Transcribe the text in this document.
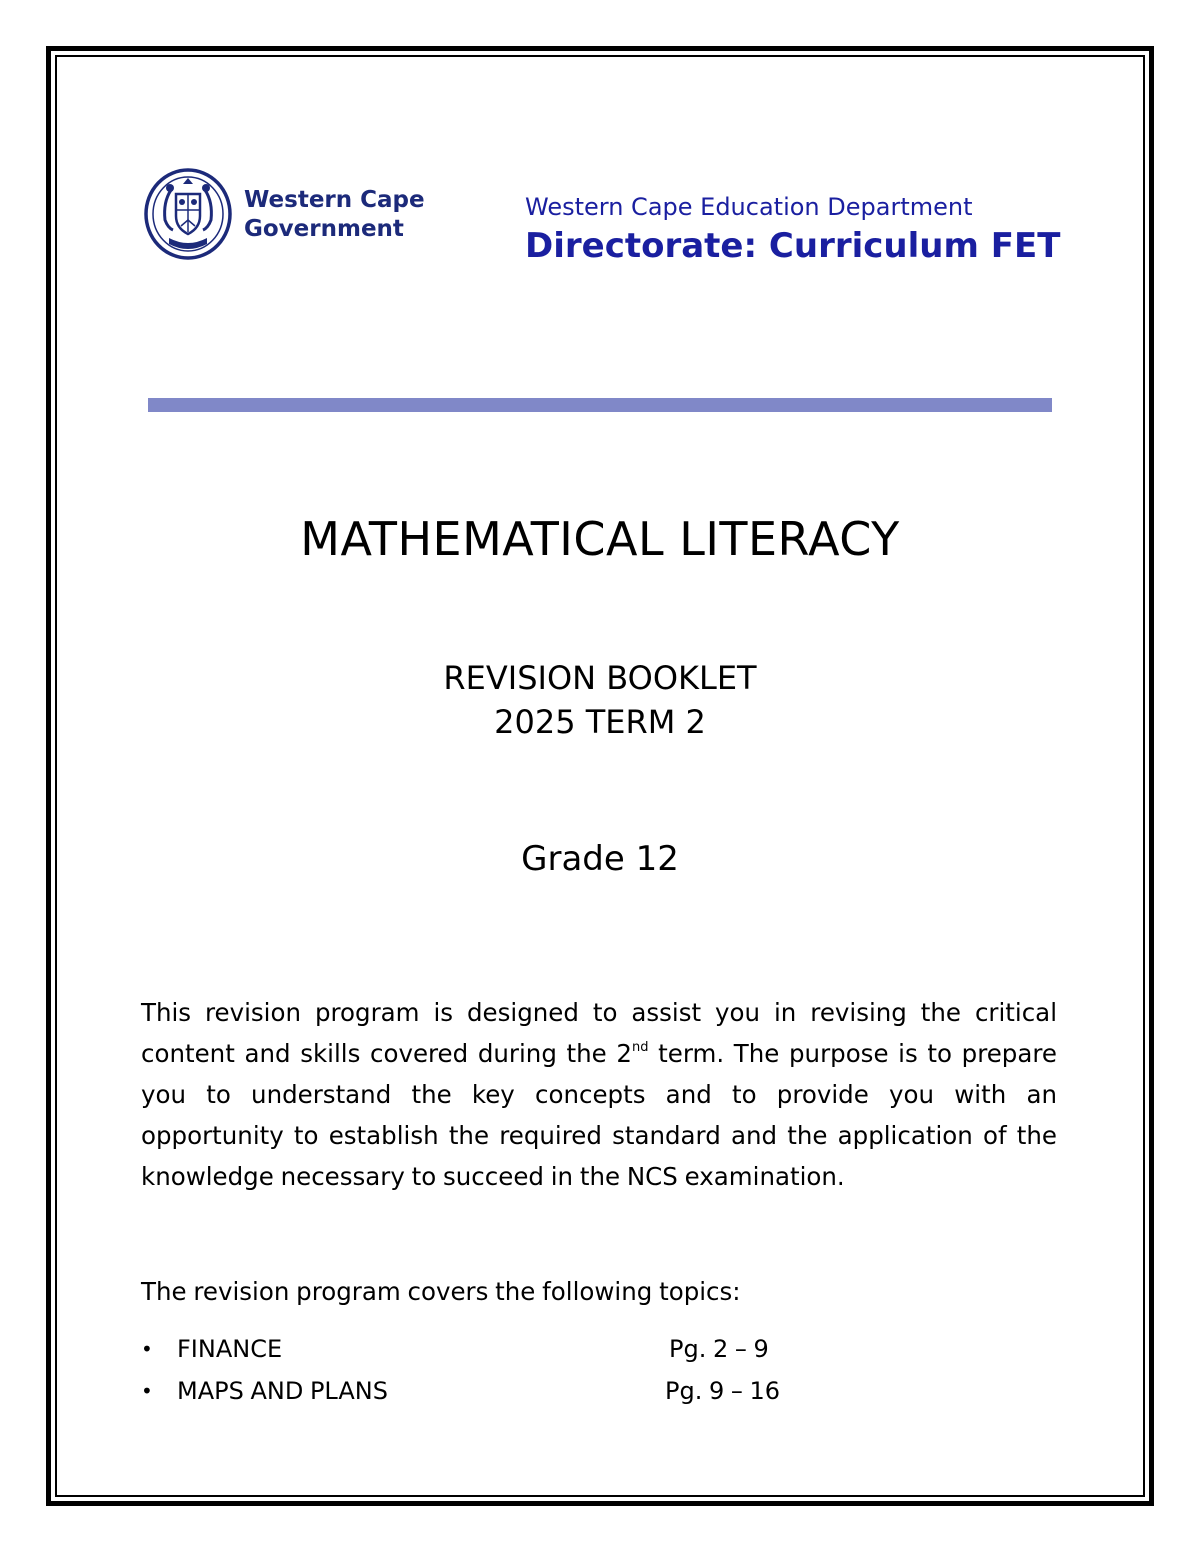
Western Cape
Government
Western Cape Education Department
Directorate: Curriculum FET
MATHEMATICAL LITERACY
REVISION BOOKLET
2025 TERM 2
Grade 12
This revision program is designed to assist you in revising the critical content and skills covered during the 2nd term. The purpose is to prepare you to understand the key concepts and to provide you with an opportunity to establish the required standard and the application of the knowledge necessary to succeed in the NCS examination.
The revision program covers the following topics:
• FINANCE	Pg. 2 – 9
• MAPS AND PLANS	Pg. 9 – 16
